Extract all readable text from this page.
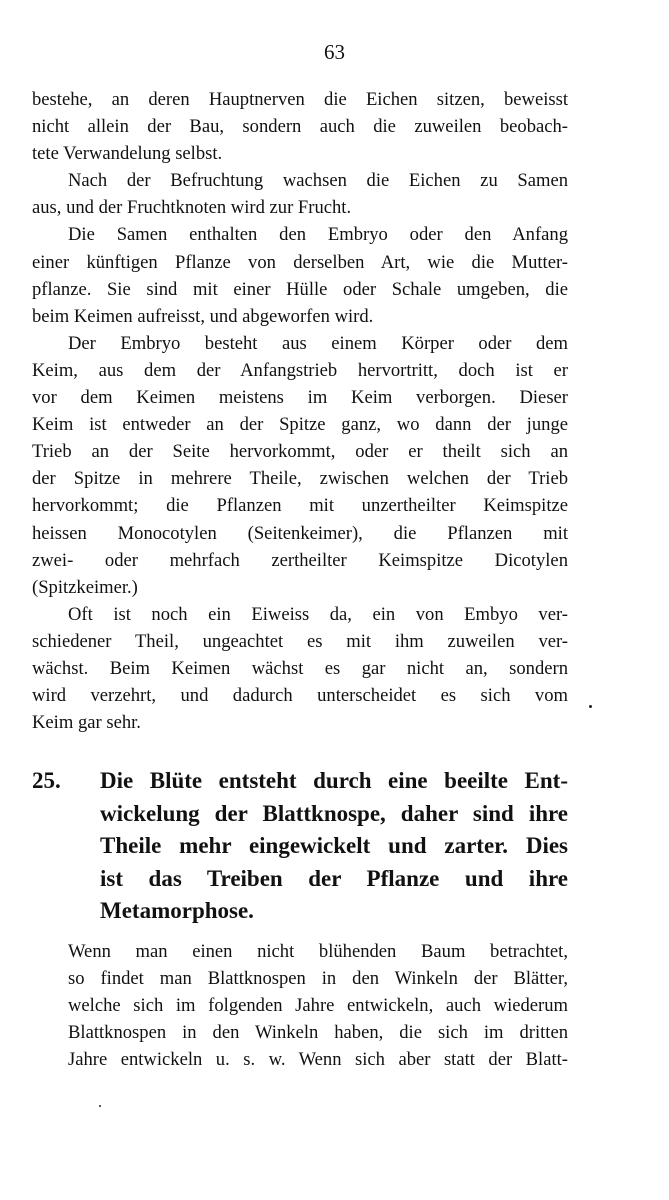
63
bestehe, an deren Hauptnerven die Eichen sitzen, beweisst
nicht allein der Bau, sondern auch die zuweilen beobach-
tete Verwandelung selbst.
Nach der Befruchtung wachsen die Eichen zu Samen
aus, und der Fruchtknoten wird zur Frucht.
Die Samen enthalten den Embryo oder den Anfang
einer künftigen Pflanze von derselben Art, wie die Mutter-
pflanze. Sie sind mit einer Hülle oder Schale umgeben, die
beim Keimen aufreisst, und abgeworfen wird.
Der Embryo besteht aus einem Körper oder dem
Keim, aus dem der Anfangstrieb hervortritt, doch ist er
vor dem Keimen meistens im Keim verborgen. Dieser
Keim ist entweder an der Spitze ganz, wo dann der junge
Trieb an der Seite hervorkommt, oder er theilt sich an
der Spitze in mehrere Theile, zwischen welchen der Trieb
hervorkommt; die Pflanzen mit unzertheilter Keimspitze
heissen Monocotylen (Seitenkeimer), die Pflanzen mit
zwei- oder mehrfach zertheilter Keimspitze Dicotylen
(Spitzkeimer.)
Oft ist noch ein Eiweiss da, ein von Embyo ver-
schiedener Theil, ungeachtet es mit ihm zuweilen ver-
wächst. Beim Keimen wächst es gar nicht an, sondern
wird verzehrt, und dadurch unterscheidet es sich vom
Keim gar sehr.
25. Die Blüte entsteht durch eine beeilte Ent-
wickelung der Blattknospe, daher sind ihre
Theile mehr eingewickelt und zarter. Dies
ist das Treiben der Pflanze und ihre
Metamorphose.
Wenn man einen nicht blühenden Baum betrachtet,
so findet man Blattknospen in den Winkeln der Blätter,
welche sich im folgenden Jahre entwickeln, auch wiederum
Blattknospen in den Winkeln haben, die sich im dritten
Jahre entwickeln u. s. w. Wenn sich aber statt der Blatt-
